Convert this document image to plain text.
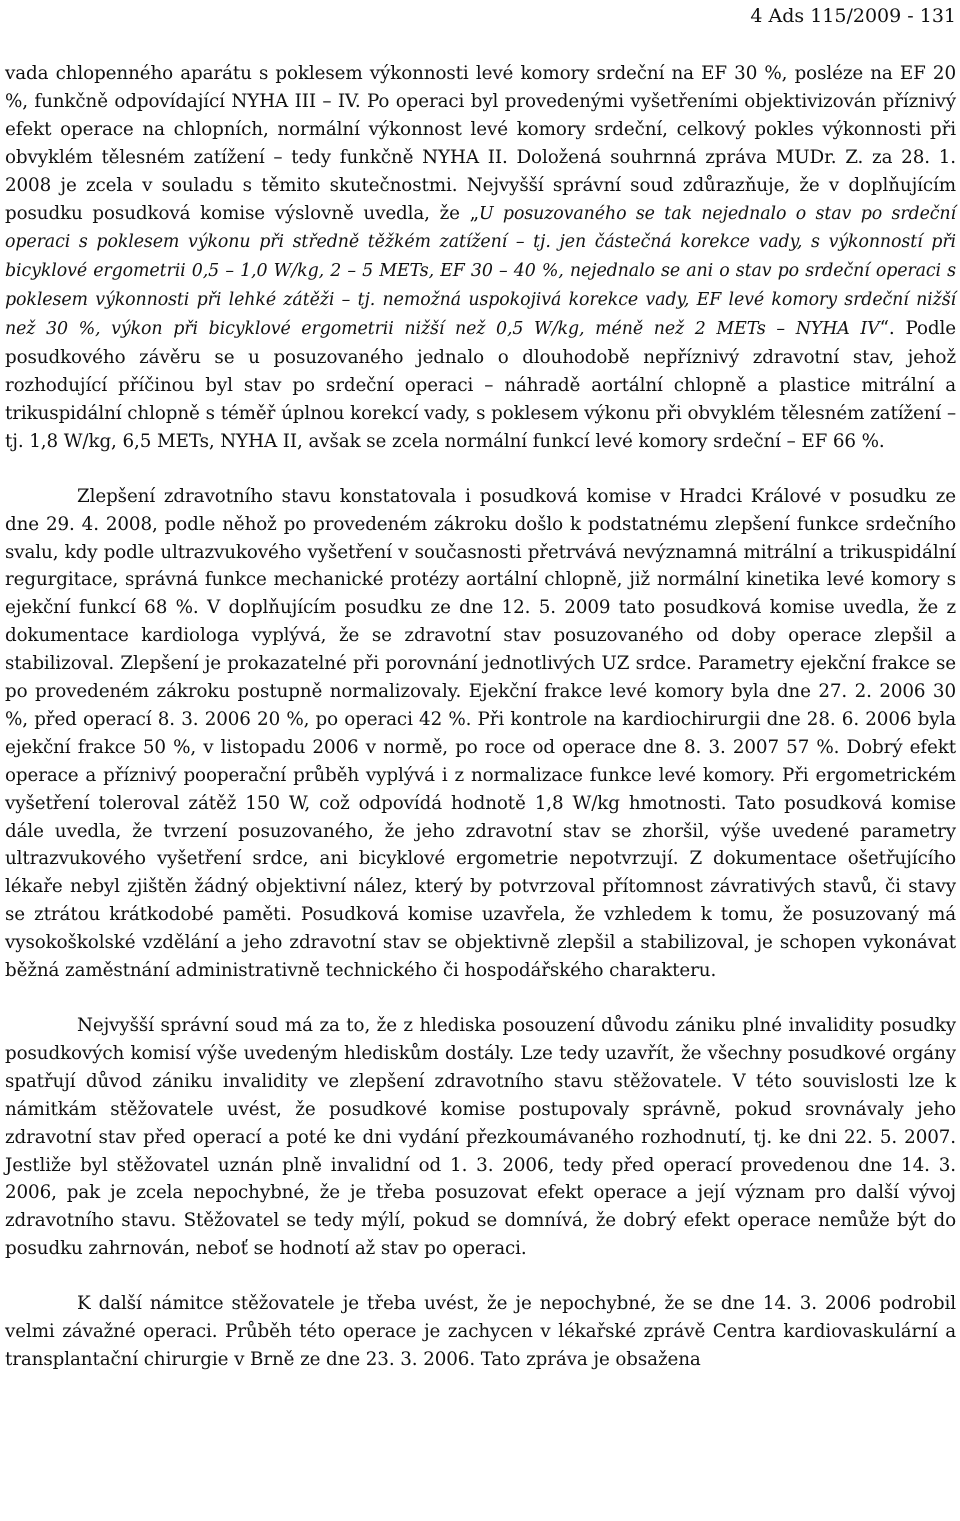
4 Ads 115/2009 - 131

vada chlopenného aparátu s poklesem výkonnosti levé komory srdeční na EF 30 %, posléze na EF 20 %, funkčně odpovídající NYHA III – IV. Po operaci byl provedenými vyšetřeními objektivizován příznivý efekt operace na chlopních, normální výkonnost levé komory srdeční, celkový pokles výkonnosti při obvyklém tělesném zatížení – tedy funkčně NYHA II. Doložená souhrnná zpráva MUDr. Z. za 28. 1. 2008 je zcela v souladu s těmito skutečnostmi. Nejvyšší správní soud zdůrazňuje, že v doplňujícím posudku posudková komise výslovně uvedla, že „U posuzovaného se tak nejednalo o stav po srdeční operaci s poklesem výkonu při středně těžkém zatížení – tj. jen částečná korekce vady, s výkonností při bicyklové ergometrii 0,5 – 1,0 W/kg, 2 – 5 METs, EF 30 – 40 %, nejednalo se ani o stav po srdeční operaci s poklesem výkonnosti při lehké zátěži – tj. nemožná uspokojivá korekce vady, EF levé komory srdeční nižší než 30 %, výkon při bicyklové ergometrii nižší než 0,5 W/kg, méně než 2 METs – NYHA IV“. Podle posudkového závěru se u posuzovaného jednalo o dlouhodobě nepříznivý zdravotní stav, jehož rozhodující příčinou byl stav po srdeční operaci – náhradě aortální chlopně a plastice mitrální a trikuspidální chlopně s téměř úplnou korekcí vady, s poklesem výkonu při obvyklém tělesném zatížení – tj. 1,8 W/kg, 6,5 METs, NYHA II, avšak se zcela normální funkcí levé komory srdeční – EF 66 %.

Zlepšení zdravotního stavu konstatovala i posudková komise v Hradci Králové v posudku ze dne 29. 4. 2008, podle něhož po provedeném zákroku došlo k podstatnému zlepšení funkce srdečního svalu, kdy podle ultrazvukového vyšetření v současnosti přetrvává nevýznamná mitrální a trikuspidální regurgitace, správná funkce mechanické protézy aortální chlopně, již normální kinetika levé komory s ejekční funkcí 68 %. V doplňujícím posudku ze dne 12. 5. 2009 tato posudková komise uvedla, že z dokumentace kardiologa vyplývá, že se zdravotní stav posuzovaného od doby operace zlepšil a stabilizoval. Zlepšení je prokazatelné při porovnání jednotlivých UZ srdce. Parametry ejekční frakce se po provedeném zákroku postupně normalizovaly. Ejekční frakce levé komory byla dne 27. 2. 2006 30 %, před operací 8. 3. 2006 20 %, po operaci 42 %. Při kontrole na kardiochirurgii dne 28. 6. 2006 byla ejekční frakce 50 %, v listopadu 2006 v normě, po roce od operace dne 8. 3. 2007 57 %. Dobrý efekt operace a příznivý pooperační průběh vyplývá i z normalizace funkce levé komory. Při ergometrickém vyšetření toleroval zátěž 150 W, což odpovídá hodnotě 1,8 W/kg hmotnosti. Tato posudková komise dále uvedla, že tvrzení posuzovaného, že jeho zdravotní stav se zhoršil, výše uvedené parametry ultrazvukového vyšetření srdce, ani bicyklové ergometrie nepotvrzují. Z dokumentace ošetřujícího lékaře nebyl zjištěn žádný objektivní nález, který by potvrzoval přítomnost závrativých stavů, či stavy se ztrátou krátkodobé paměti. Posudková komise uzavřela, že vzhledem k tomu, že posuzovaný má vysokoškolské vzdělání a jeho zdravotní stav se objektivně zlepšil a stabilizoval, je schopen vykonávat běžná zaměstnání administrativně technického či hospodářského charakteru.

Nejvyšší správní soud má za to, že z hlediska posouzení důvodu zániku plné invalidity posudky posudkových komisí výše uvedeným hlediskům dostály. Lze tedy uzavřít, že všechny posudkové orgány spatřují důvod zániku invalidity ve zlepšení zdravotního stavu stěžovatele. V této souvislosti lze k námitkám stěžovatele uvést, že posudkové komise postupovaly správně, pokud srovnávaly jeho zdravotní stav před operací a poté ke dni vydání přezkoumávaného rozhodnutí, tj. ke dni 22. 5. 2007. Jestliže byl stěžovatel uznán plně invalidní od 1. 3. 2006, tedy před operací provedenou dne 14. 3. 2006, pak je zcela nepochybné, že je třeba posuzovat efekt operace a její význam pro další vývoj zdravotního stavu. Stěžovatel se tedy mýlí, pokud se domnívá, že dobrý efekt operace nemůže být do posudku zahrnován, neboť se hodnotí až stav po operaci.

K další námitce stěžovatele je třeba uvést, že je nepochybné, že se dne 14. 3. 2006 podrobil velmi závažné operaci. Průběh této operace je zachycen v lékařské zprávě Centra kardiovaskulární a transplantační chirurgie v Brně ze dne 23. 3. 2006. Tato zpráva je obsažena
